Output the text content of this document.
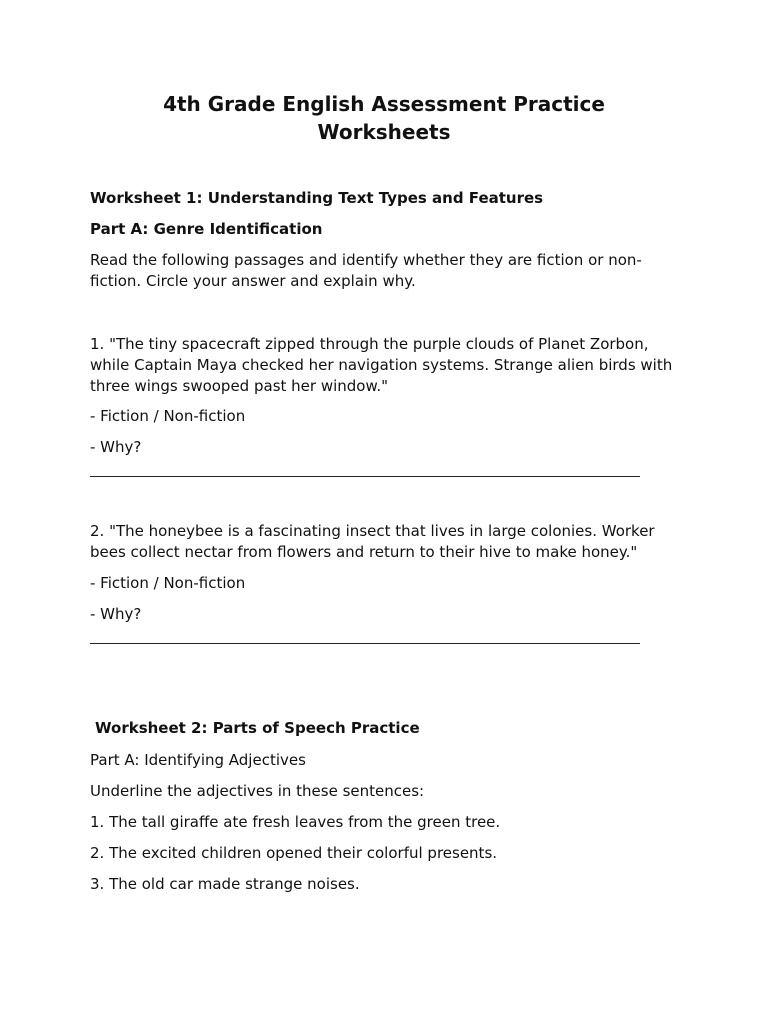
4th Grade English Assessment Practice
Worksheets

Worksheet 1: Understanding Text Types and Features

Part A: Genre Identification

Read the following passages and identify whether they are fiction or non-fiction. Circle your answer and explain why.

1. "The tiny spacecraft zipped through the purple clouds of Planet Zorbon, while Captain Maya checked her navigation systems. Strange alien birds with three wings swooped past her window."

- Fiction / Non-fiction

- Why?

2. "The honeybee is a fascinating insect that lives in large colonies. Worker bees collect nectar from flowers and return to their hive to make honey."

- Fiction / Non-fiction

- Why?

Worksheet 2: Parts of Speech Practice

Part A: Identifying Adjectives

Underline the adjectives in these sentences:

1. The tall giraffe ate fresh leaves from the green tree.

2. The excited children opened their colorful presents.

3. The old car made strange noises.
